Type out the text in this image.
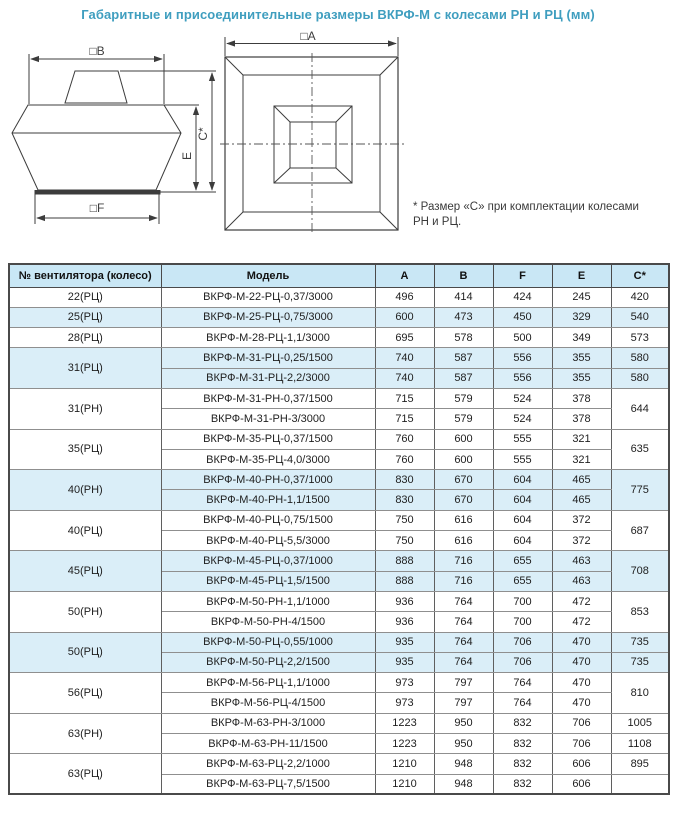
Габаритные и присоединительные размеры ВКРФ-М с колесами РН и РЦ (мм)
□B
□F
C*
E
□A
* Размер «С» при комплектации колесами
РН и РЦ.
№ вентилятора (колесо)	Модель	A	B	F	E	C*
22(РЦ)	ВКРФ-М-22-РЦ-0,37/3000	496	414	424	245	420
25(РЦ)	ВКРФ-М-25-РЦ-0,75/3000	600	473	450	329	540
28(РЦ)	ВКРФ-М-28-РЦ-1,1/3000	695	578	500	349	573
31(РЦ)	ВКРФ-М-31-РЦ-0,25/1500	740	587	556	355	580
	ВКРФ-М-31-РЦ-2,2/3000	740	587	556	355	580
31(РН)	ВКРФ-М-31-РН-0,37/1500	715	579	524	378	644
	ВКРФ-М-31-РН-3/3000	715	579	524	378	
35(РЦ)	ВКРФ-М-35-РЦ-0,37/1500	760	600	555	321	635
	ВКРФ-М-35-РЦ-4,0/3000	760	600	555	321	
40(РН)	ВКРФ-М-40-РН-0,37/1000	830	670	604	465	775
	ВКРФ-М-40-РН-1,1/1500	830	670	604	465	
40(РЦ)	ВКРФ-М-40-РЦ-0,75/1500	750	616	604	372	687
	ВКРФ-М-40-РЦ-5,5/3000	750	616	604	372	
45(РЦ)	ВКРФ-М-45-РЦ-0,37/1000	888	716	655	463	708
	ВКРФ-М-45-РЦ-1,5/1500	888	716	655	463	
50(РН)	ВКРФ-М-50-РН-1,1/1000	936	764	700	472	853
	ВКРФ-М-50-РН-4/1500	936	764	700	472	
50(РЦ)	ВКРФ-М-50-РЦ-0,55/1000	935	764	706	470	735
	ВКРФ-М-50-РЦ-2,2/1500	935	764	706	470	735
56(РЦ)	ВКРФ-М-56-РЦ-1,1/1000	973	797	764	470	810
	ВКРФ-М-56-РЦ-4/1500	973	797	764	470	
63(РН)	ВКРФ-М-63-РН-3/1000	1223	950	832	706	1005
	ВКРФ-М-63-РН-11/1500	1223	950	832	706	1108
63(РЦ)	ВКРФ-М-63-РЦ-2,2/1000	1210	948	832	606	895
	ВКРФ-М-63-РЦ-7,5/1500	1210	948	832	606	
